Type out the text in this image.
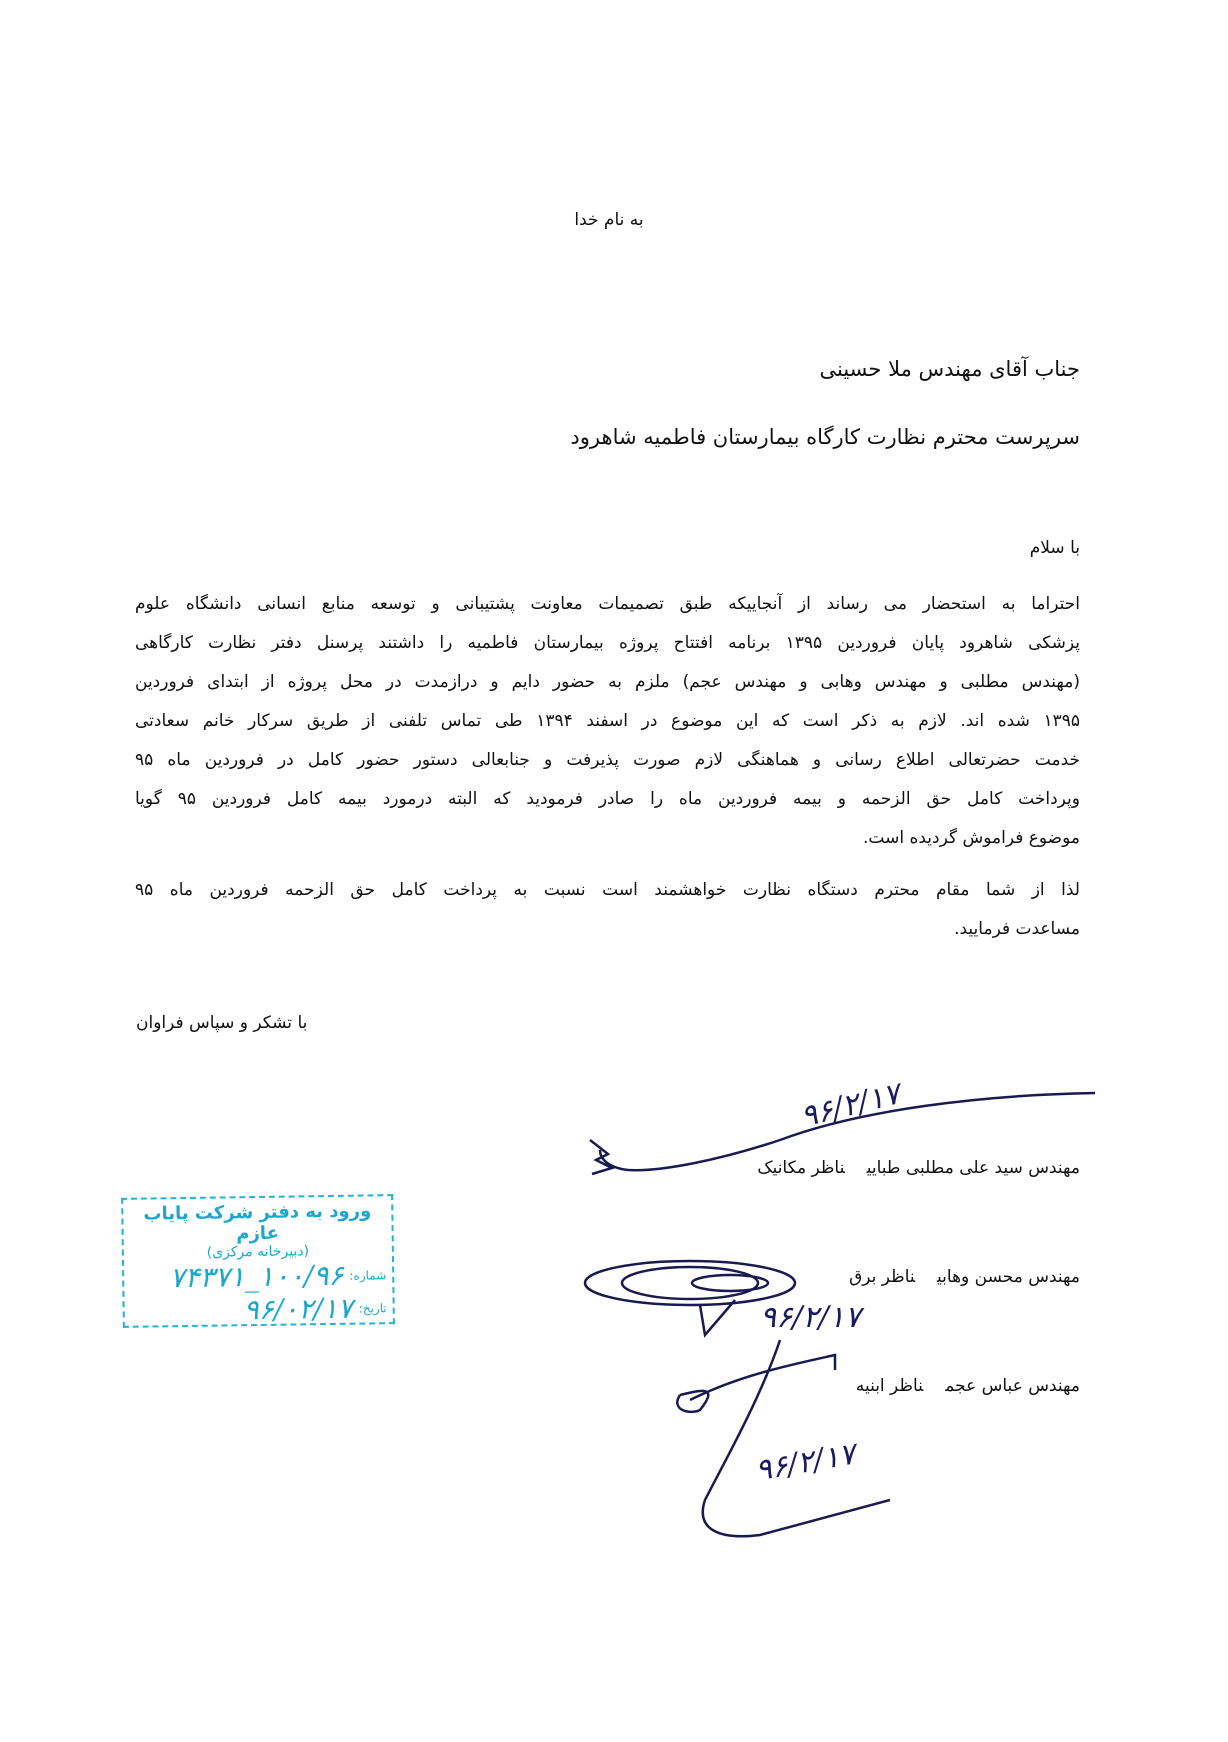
به نام خدا
جناب آقای مهندس ملا حسینی
سرپرست محترم نظارت کارگاه بیمارستان فاطمیه شاهرود
با سلام
احتراما به استحضار می رساند از آنجاییکه طبق تصمیمات معاونت پشتیبانی و توسعه منابع انسانی دانشگاه علوم
پزشکی شاهرود پایان فروردین ۱۳۹۵ برنامه افتتاح پروژه بیمارستان فاطمیه را داشتند پرسنل دفتر نظارت کارگاهی
(مهندس مطلبی و مهندس وهابی و مهندس عجم) ملزم به حضور دایم و درازمدت در محل پروژه از ابتدای فروردین
۱۳۹۵ شده اند. لازم به ذکر است که این موضوع در اسفند ۱۳۹۴ طی تماس تلفنی از طریق سرکار خانم سعادتی
خدمت حضرتعالی اطلاع رسانی و هماهنگی لازم صورت پذیرفت و جنابعالی دستور حضور کامل در فروردین ماه ۹۵
وپرداخت کامل حق الزحمه و بیمه فروردین ماه را صادر فرمودید که البته درمورد بیمه کامل فروردین ۹۵ گویا
موضوع فراموش گردیده است.
لذا از شما مقام محترم دستگاه نظارت خواهشمند است نسبت به پرداخت کامل حق الزحمه فروردین ماه ۹۵
مساعدت فرمایید.
با تشکر و سپاس فراوان
۹۶/۲/۱۷
مهندس سید علی مطلبی طباییناظر مکانیک
مهندس محسن وهابیناظر برق
۹۶/۲/۱۷
مهندس عباس عجمناظر ابنیه
۹۶/۲/۱۷
ورود به دفتر شرکت پایاب عازم
(دبیرخانه مرکزی)
شماره:
۱۰۰/۹۶_۷۴۳۷۱
تاریخ:
۹۶/۰۲/۱۷
